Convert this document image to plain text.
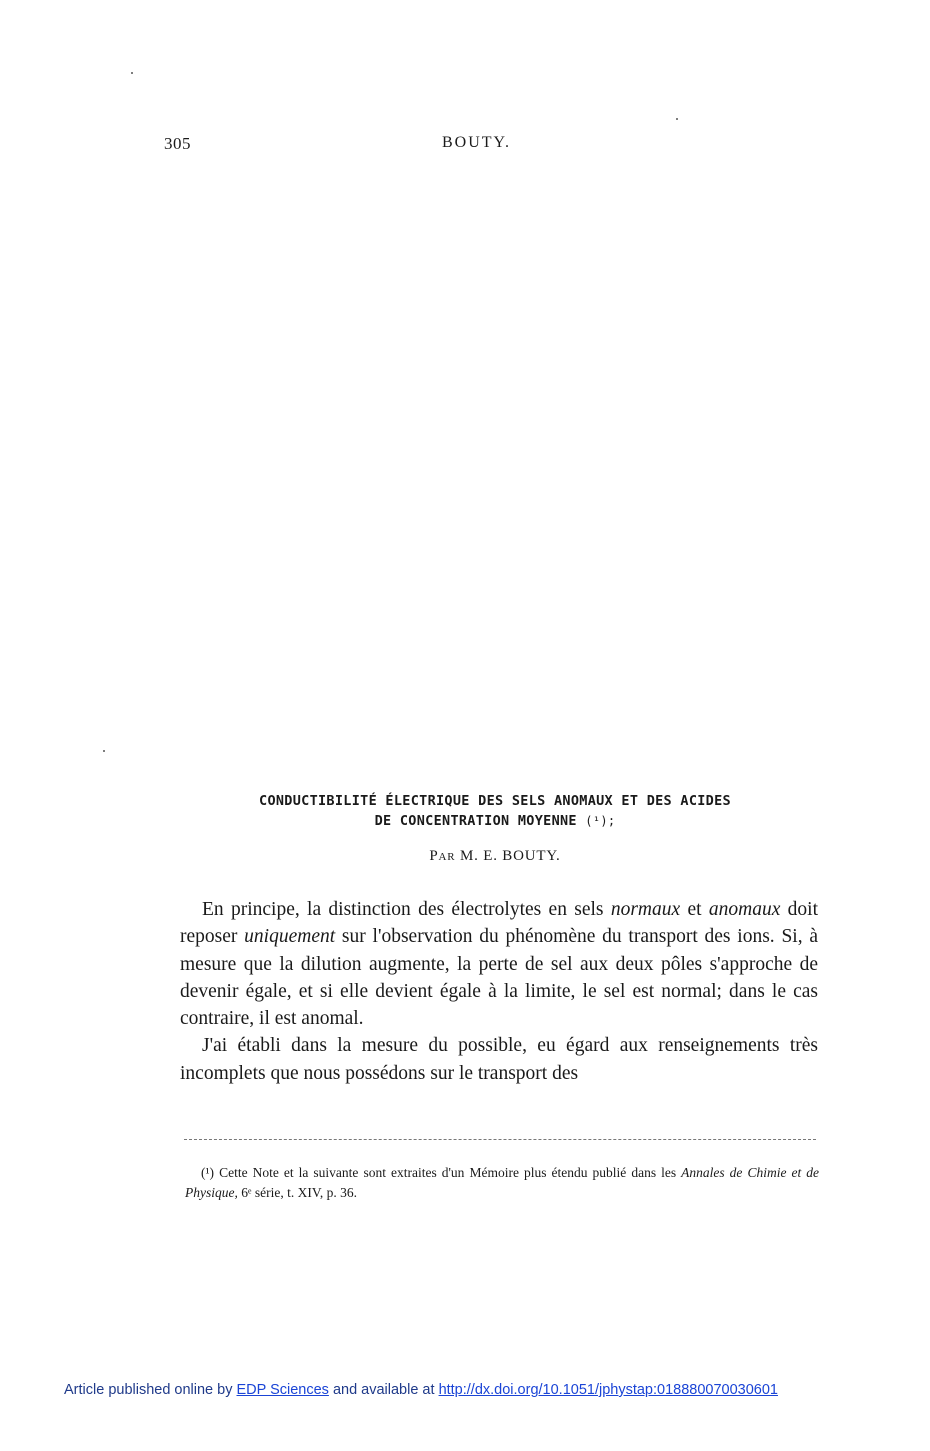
305	BOUTY.
CONDUCTIBILITÉ ÉLECTRIQUE DES SELS ANOMAUX ET DES ACIDES
DE CONCENTRATION MOYENNE (¹);
Par M. E. BOUTY.

En principe, la distinction des électrolytes en sels normaux et anomaux doit reposer uniquement sur l'observation du phénomène du transport des ions. Si, à mesure que la dilution augmente, la perte de sel aux deux pôles s'approche de devenir égale, et si elle devient égale à la limite, le sel est normal; dans le cas contraire, il est anomal.

J'ai établi dans la mesure du possible, eu égard aux renseignements très incomplets que nous possédons sur le transport des

(¹) Cette Note et la suivante sont extraites d'un Mémoire plus étendu publié dans les Annales de Chimie et de Physique, 6ᵉ série, t. XIV, p. 36.

Article published online by EDP Sciences and available at http://dx.doi.org/10.1051/jphystap:018880070030601
